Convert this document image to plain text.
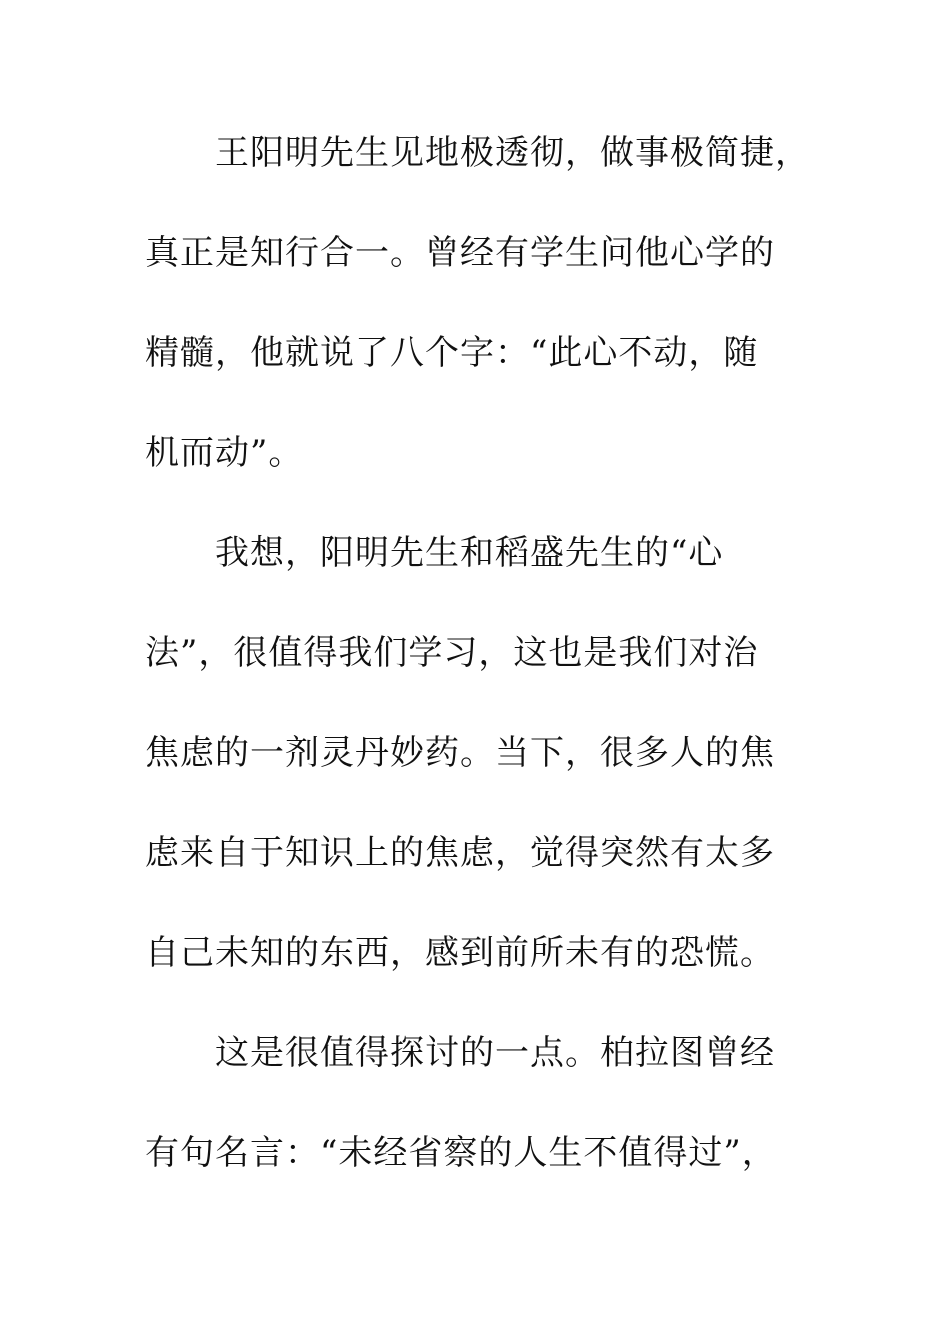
王阳明先生见地极透彻，做事极简捷，
真正是知行合一。曾经有学生问他心学的
精髓，他就说了八个字：“此心不动，随
机而动”。
我想，阳明先生和稻盛先生的“心
法”，很值得我们学习，这也是我们对治
焦虑的一剂灵丹妙药。当下，很多人的焦
虑来自于知识上的焦虑，觉得突然有太多
自己未知的东西，感到前所未有的恐慌。
这是很值得探讨的一点。柏拉图曾经
有句名言：“未经省察的人生不值得过”，
